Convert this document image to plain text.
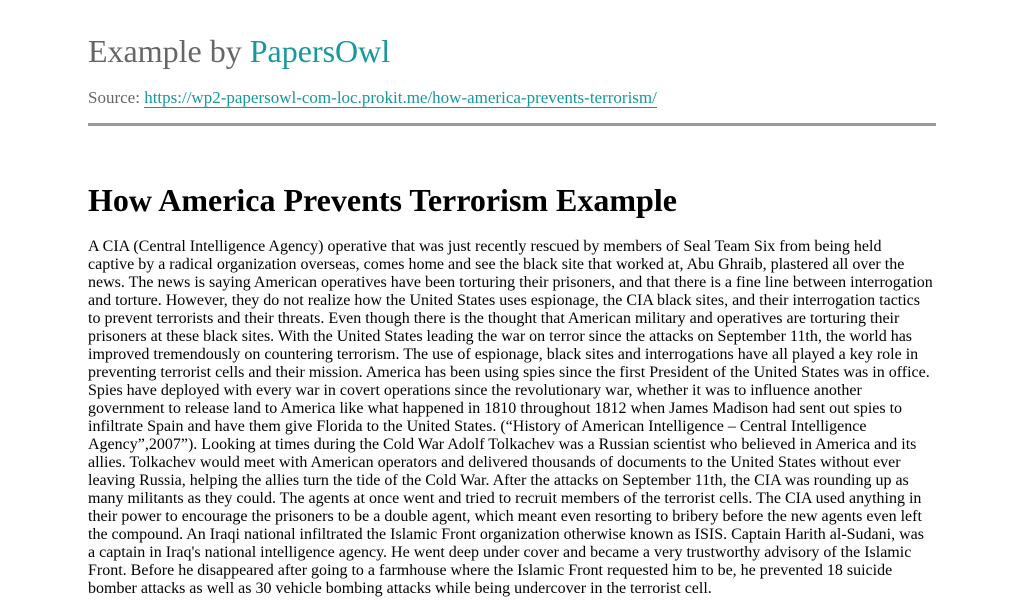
Example by PapersOwl
Source: https://wp2-papersowl-com-loc.prokit.me/how-america-prevents-terrorism/
How America Prevents Terrorism Example
A CIA (Central Intelligence Agency) operative that was just recently rescued by members of Seal Team Six from being held
captive by a radical organization overseas, comes home and see the black site that worked at, Abu Ghraib, plastered all over the
news. The news is saying American operatives have been torturing their prisoners, and that there is a fine line between interrogation
and torture. However, they do not realize how the United States uses espionage, the CIA black sites, and their interrogation tactics
to prevent terrorists and their threats. Even though there is the thought that American military and operatives are torturing their
prisoners at these black sites. With the United States leading the war on terror since the attacks on September 11th, the world has
improved tremendously on countering terrorism. The use of espionage, black sites and interrogations have all played a key role in
preventing terrorist cells and their mission. America has been using spies since the first President of the United States was in office.
Spies have deployed with every war in covert operations since the revolutionary war, whether it was to influence another
government to release land to America like what happened in 1810 throughout 1812 when James Madison had sent out spies to
infiltrate Spain and have them give Florida to the United States. (“History of American Intelligence – Central Intelligence
Agency”,2007”). Looking at times during the Cold War Adolf Tolkachev was a Russian scientist who believed in America and its
allies. Tolkachev would meet with American operators and delivered thousands of documents to the United States without ever
leaving Russia, helping the allies turn the tide of the Cold War. After the attacks on September 11th, the CIA was rounding up as
many militants as they could. The agents at once went and tried to recruit members of the terrorist cells. The CIA used anything in
their power to encourage the prisoners to be a double agent, which meant even resorting to bribery before the new agents even left
the compound. An Iraqi national infiltrated the Islamic Front organization otherwise known as ISIS. Captain Harith al-Sudani, was
a captain in Iraq's national intelligence agency. He went deep under cover and became a very trustworthy advisory of the Islamic
Front. Before he disappeared after going to a farmhouse where the Islamic Front requested him to be, he prevented 18 suicide
bomber attacks as well as 30 vehicle bombing attacks while being undercover in the terrorist cell.
